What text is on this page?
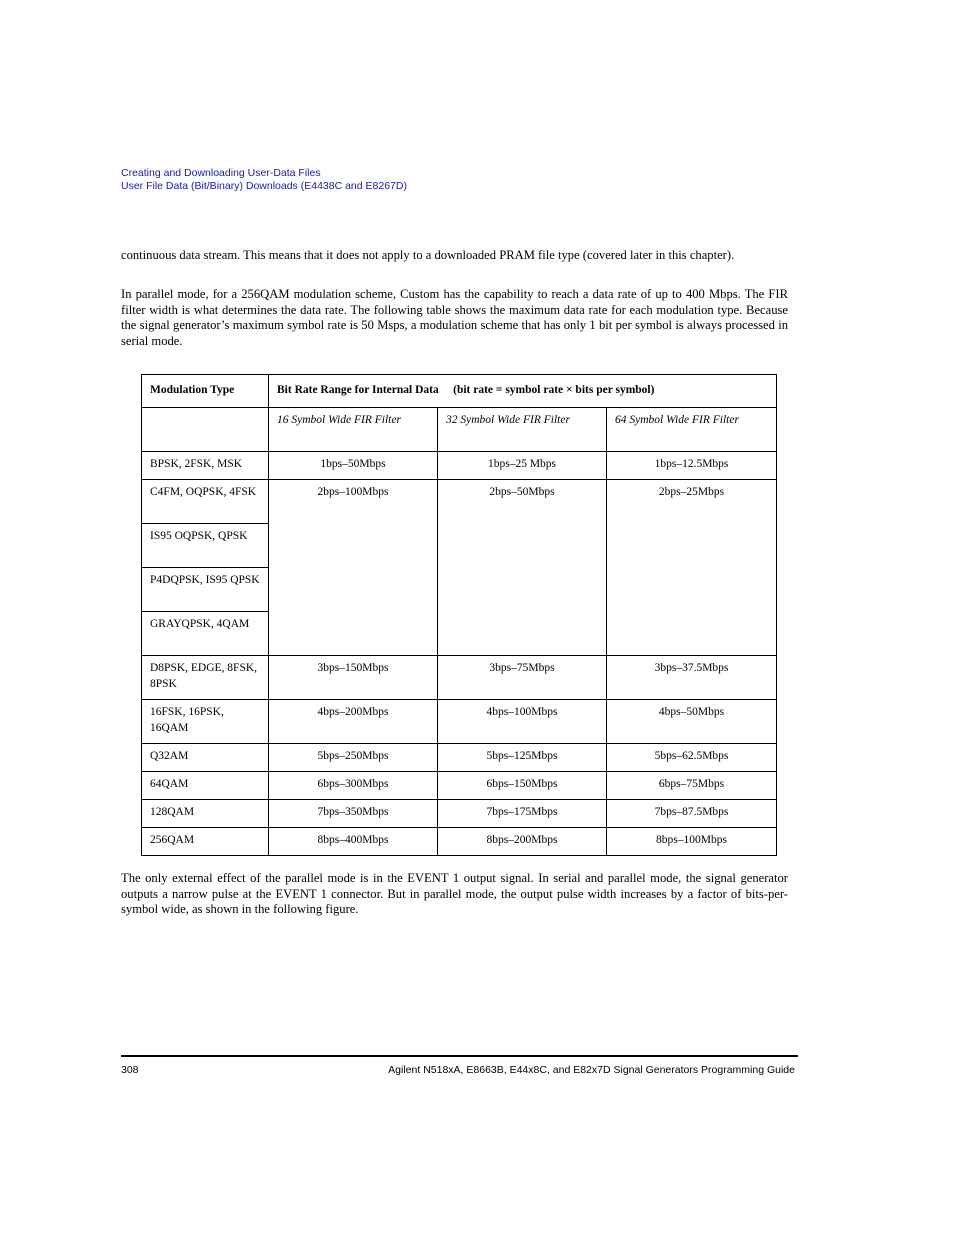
Creating and Downloading User-Data Files
User File Data (Bit/Binary) Downloads (E4438C and E8267D)

continuous data stream. This means that it does not apply to a downloaded PRAM file type (covered later in this chapter).

In parallel mode, for a 256QAM modulation scheme, Custom has the capability to reach a data rate of up to 400 Mbps. The FIR filter width is what determines the data rate. The following table shows the maximum data rate for each modulation type. Because the signal generator’s maximum symbol rate is 50 Msps, a modulation scheme that has only 1 bit per symbol is always processed in serial mode.

Modulation Type	Bit Rate Range for Internal Data (bit rate = symbol rate × bits per symbol)		
	16 Symbol Wide FIR Filter	32 Symbol Wide FIR Filter	64 Symbol Wide FIR Filter
BPSK, 2FSK, MSK	1bps–50Mbps	1bps–25 Mbps	1bps–12.5Mbps
C4FM, OQPSK, 4FSK	2bps–100Mbps	2bps–50Mbps	2bps–25Mbps
IS95 OQPSK, QPSK			
P4DQPSK, IS95 QPSK			
GRAYQPSK, 4QAM			
D8PSK, EDGE, 8FSK, 8PSK	3bps–150Mbps	3bps–75Mbps	3bps–37.5Mbps
16FSK, 16PSK, 16QAM	4bps–200Mbps	4bps–100Mbps	4bps–50Mbps
Q32AM	5bps–250Mbps	5bps–125Mbps	5bps–62.5Mbps
64QAM	6bps–300Mbps	6bps–150Mbps	6bps–75Mbps
128QAM	7bps–350Mbps	7bps–175Mbps	7bps–87.5Mbps
256QAM	8bps–400Mbps	8bps–200Mbps	8bps–100Mbps

The only external effect of the parallel mode is in the EVENT 1 output signal. In serial and parallel mode, the signal generator outputs a narrow pulse at the EVENT 1 connector. But in parallel mode, the output pulse width increases by a factor of bits-per-symbol wide, as shown in the following figure.

308	Agilent N518xA, E8663B, E44x8C, and E82x7D Signal Generators Programming Guide
